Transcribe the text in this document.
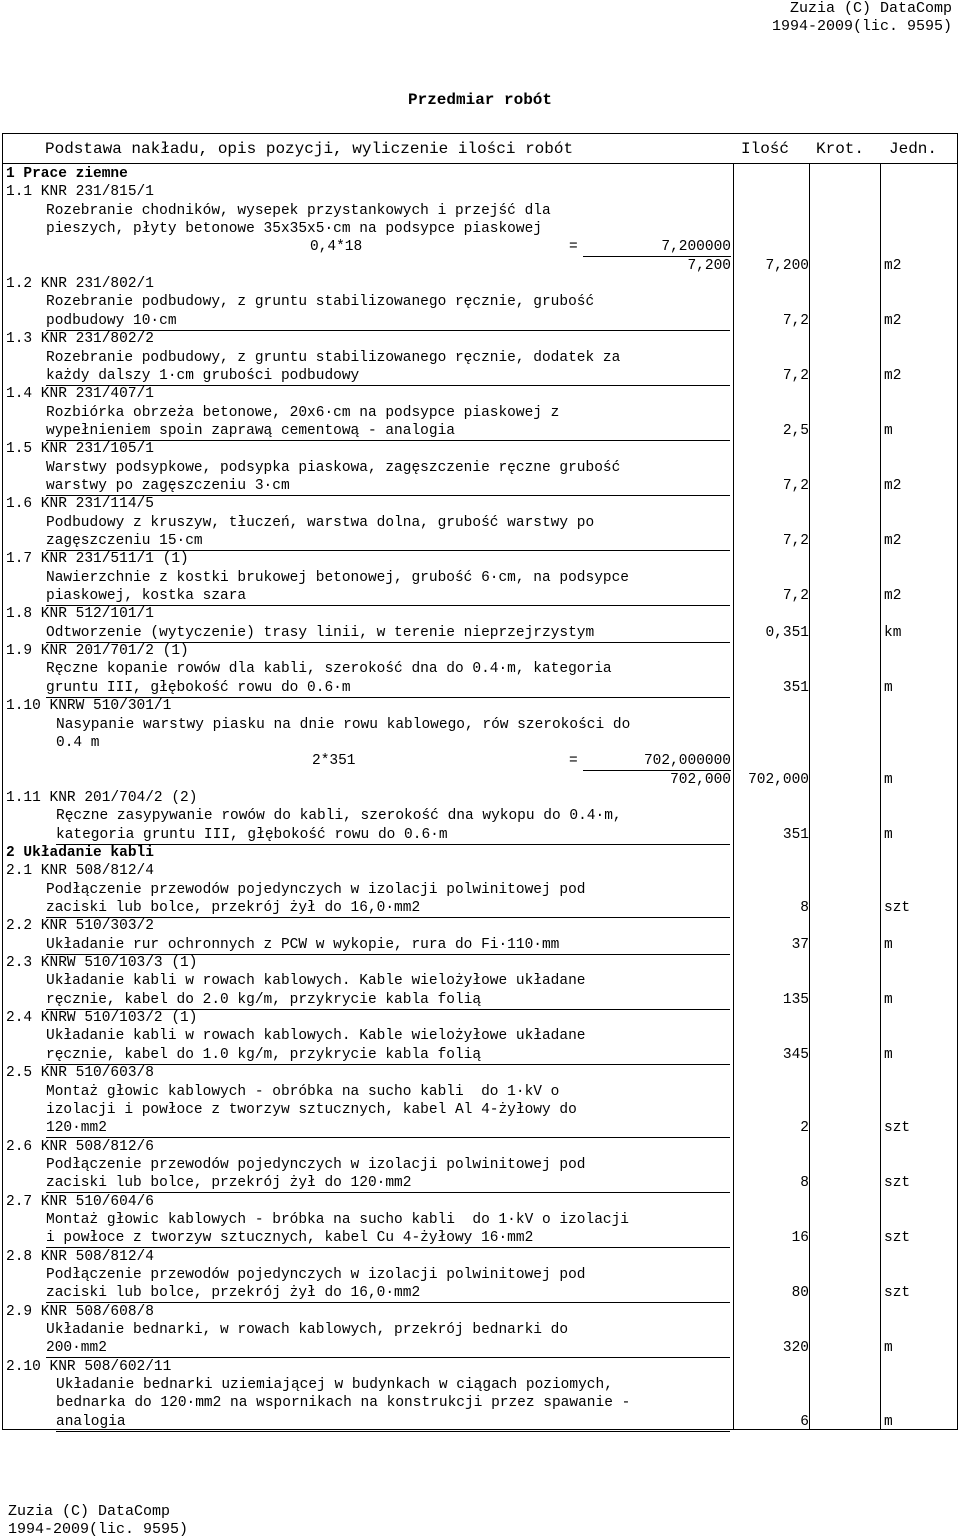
Zuzia (C) DataComp
1994-2009(lic. 9595)
Przedmiar robót
Podstawa nakładu, opis pozycji, wyliczenie ilości robót	Ilość Krot. Jedn.
1 Prace ziemne
1.1 KNR 231/815/1
Rozebranie chodników, wysepek przystankowych i przejść dla
pieszych, płyty betonowe 35x35x5·cm na podsypce piaskowej
0,4*18	=	7,200000
7,200	7,200	m2
1.2 KNR 231/802/1
Rozebranie podbudowy, z gruntu stabilizowanego ręcznie, grubość
podbudowy 10·cm	7,2	m2
1.3 KNR 231/802/2
Rozebranie podbudowy, z gruntu stabilizowanego ręcznie, dodatek za
każdy dalszy 1·cm grubości podbudowy	7,2	m2
1.4 KNR 231/407/1
Rozbiórka obrzeża betonowe, 20x6·cm na podsypce piaskowej z
wypełnieniem spoin zaprawą cementową - analogia	2,5	m
1.5 KNR 231/105/1
Warstwy podsypkowe, podsypka piaskowa, zagęszczenie ręczne grubość
warstwy po zagęszczeniu 3·cm	7,2	m2
1.6 KNR 231/114/5
Podbudowy z kruszyw, tłuczeń, warstwa dolna, grubość warstwy po
zagęszczeniu 15·cm	7,2	m2
1.7 KNR 231/511/1 (1)
Nawierzchnie z kostki brukowej betonowej, grubość 6·cm, na podsypce
piaskowej, kostka szara	7,2	m2
1.8 KNR 512/101/1
Odtworzenie (wytyczenie) trasy linii, w terenie nieprzejrzystym	0,351	km
1.9 KNR 201/701/2 (1)
Ręczne kopanie rowów dla kabli, szerokość dna do 0.4·m, kategoria
gruntu III, głębokość rowu do 0.6·m	351	m
1.10 KNRW 510/301/1
Nasypanie warstwy piasku na dnie rowu kablowego, rów szerokości do
0.4 m
2*351	=	702,000000
702,000	702,000	m
1.11 KNR 201/704/2 (2)
Ręczne zasypywanie rowów do kabli, szerokość dna wykopu do 0.4·m,
kategoria gruntu III, głębokość rowu do 0.6·m	351	m
2 Układanie kabli
2.1 KNR 508/812/4
Podłączenie przewodów pojedynczych w izolacji polwinitowej pod
zaciski lub bolce, przekrój żył do 16,0·mm2	8	szt
2.2 KNR 510/303/2
Układanie rur ochronnych z PCW w wykopie, rura do Fi·110·mm	37	m
2.3 KNRW 510/103/3 (1)
Układanie kabli w rowach kablowych. Kable wielożyłowe układane
ręcznie, kabel do 2.0 kg/m, przykrycie kabla folią	135	m
2.4 KNRW 510/103/2 (1)
Układanie kabli w rowach kablowych. Kable wielożyłowe układane
ręcznie, kabel do 1.0 kg/m, przykrycie kabla folią	345	m
2.5 KNR 510/603/8
Montaż głowic kablowych - obróbka na sucho kabli  do 1·kV o
izolacji i powłoce z tworzyw sztucznych, kabel Al 4-żyłowy do
120·mm2	2	szt
2.6 KNR 508/812/6
Podłączenie przewodów pojedynczych w izolacji polwinitowej pod
zaciski lub bolce, przekrój żył do 120·mm2	8	szt
2.7 KNR 510/604/6
Montaż głowic kablowych - bróbka na sucho kabli  do 1·kV o izolacji
i powłoce z tworzyw sztucznych, kabel Cu 4-żyłowy 16·mm2	16	szt
2.8 KNR 508/812/4
Podłączenie przewodów pojedynczych w izolacji polwinitowej pod
zaciski lub bolce, przekrój żył do 16,0·mm2	80	szt
2.9 KNR 508/608/8
Układanie bednarki, w rowach kablowych, przekrój bednarki do
200·mm2	320	m
2.10 KNR 508/602/11
Układanie bednarki uziemiającej w budynkach w ciągach poziomych,
bednarka do 120·mm2 na wspornikach na konstrukcji przez spawanie -
analogia	6	m
Zuzia (C) DataComp
1994-2009(lic. 9595)
